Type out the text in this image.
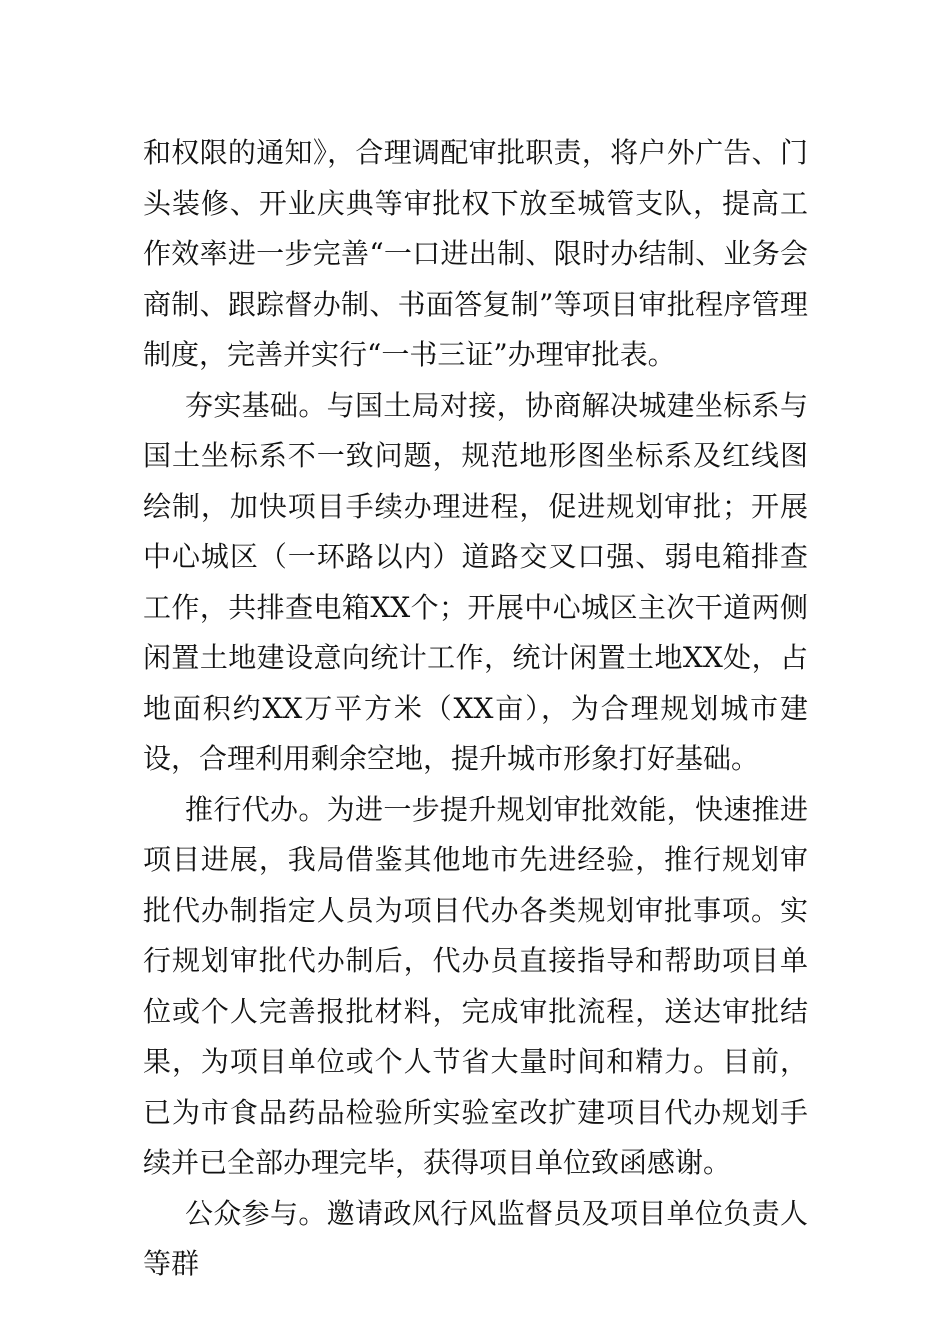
和权限的通知》，合理调配审批职责，将户外广告、门头装修、开业庆典等审批权下放至城管支队，提高工作效率进一步完善“一口进出制、限时办结制、业务会商制、跟踪督办制、书面答复制”等项目审批程序管理制度，完善并实行“一书三证”办理审批表。

夯实基础。与国土局对接，协商解决城建坐标系与国土坐标系不一致问题，规范地形图坐标系及红线图绘制，加快项目手续办理进程，促进规划审批；开展中心城区（一环路以内）道路交叉口强、弱电箱排查工作，共排查电箱XX个；开展中心城区主次干道两侧闲置土地建设意向统计工作，统计闲置土地XX处，占地面积约XX万平方米（XX亩），为合理规划城市建设，合理利用剩余空地，提升城市形象打好基础。

推行代办。为进一步提升规划审批效能，快速推进项目进展，我局借鉴其他地市先进经验，推行规划审批代办制指定人员为项目代办各类规划审批事项。实行规划审批代办制后，代办员直接指导和帮助项目单位或个人完善报批材料，完成审批流程，送达审批结果，为项目单位或个人节省大量时间和精力。目前，已为市食品药品检验所实验室改扩建项目代办规划手续并已全部办理完毕，获得项目单位致函感谢。

公众参与。邀请政风行风监督员及项目单位负责人等群
